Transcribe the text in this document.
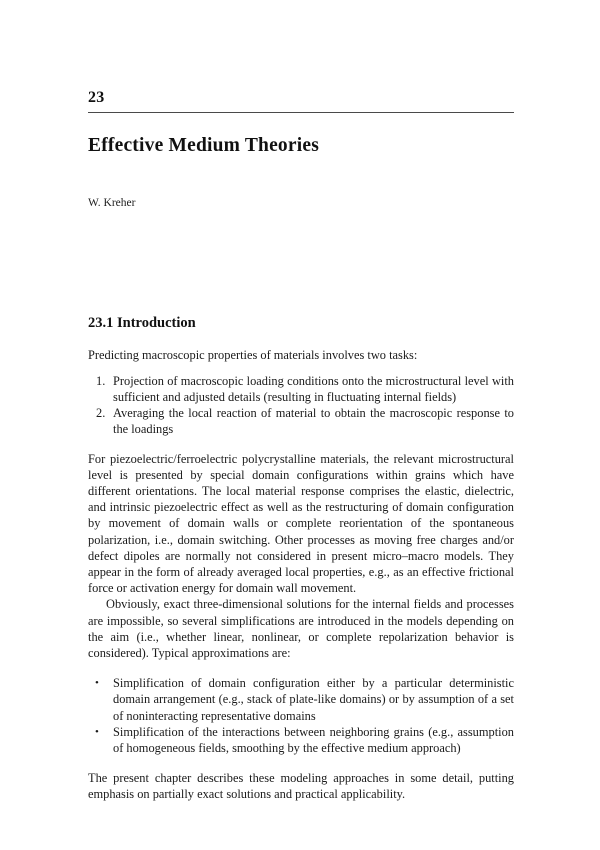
23
Effective Medium Theories
W. Kreher
23.1 Introduction

Predicting macroscopic properties of materials involves two tasks:

Projection of macroscopic loading conditions onto the microstructural level with sufficient and adjusted details (resulting in fluctuating internal fields)
Averaging the local reaction of material to obtain the macroscopic response to the loadings

For piezoelectric/ferroelectric polycrystalline materials, the relevant microstructural level is presented by special domain configurations within grains which have different orientations. The local material response comprises the elastic, dielectric, and intrinsic piezoelectric effect as well as the restructuring of domain configuration by movement of domain walls or complete reorientation of the spontaneous polarization, i.e., domain switching. Other processes as moving free charges and/or defect dipoles are normally not considered in present micro–macro models. They appear in the form of already averaged local properties, e.g., as an effective frictional force or activation energy for domain wall movement.

Obviously, exact three-dimensional solutions for the internal fields and processes are impossible, so several simplifications are introduced in the models depending on the aim (i.e., whether linear, nonlinear, or complete repolarization behavior is considered). Typical approximations are:

• Simplification of domain configuration either by a particular deterministic domain arrangement (e.g., stack of plate-like domains) or by assumption of a set of noninteracting representative domains
• Simplification of the interactions between neighboring grains (e.g., assumption of homogeneous fields, smoothing by the effective medium approach)

The present chapter describes these modeling approaches in some detail, putting emphasis on partially exact solutions and practical applicability.
